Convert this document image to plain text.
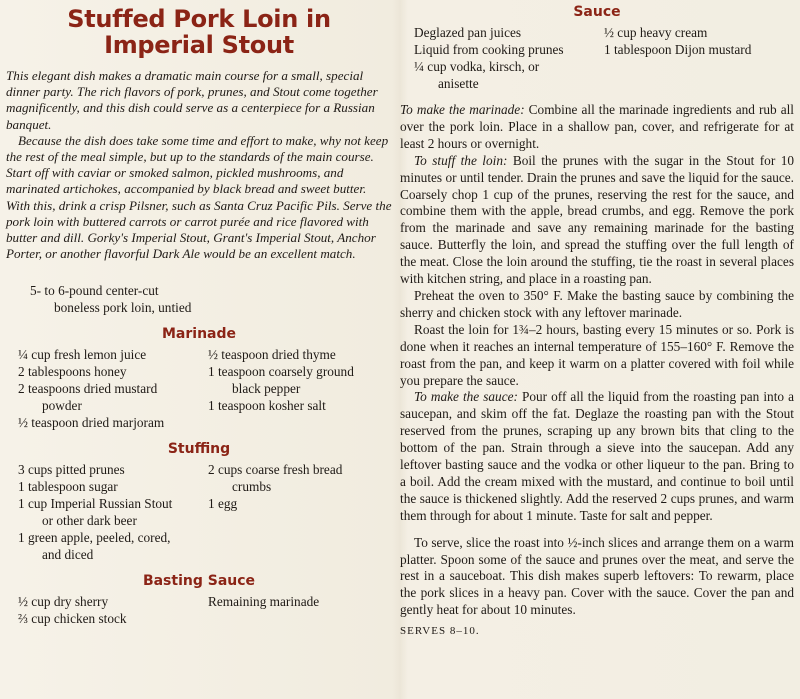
Stuffed Pork Loin in
Imperial Stout

This elegant dish makes a dramatic main course for a small, special dinner party. The rich flavors of pork, prunes, and Stout come together magnificently, and this dish could serve as a centerpiece for a Russian banquet.

Because the dish does take some time and effort to make, why not keep the rest of the meal simple, but up to the standards of the main course. Start off with caviar or smoked salmon, pickled mushrooms, and marinated artichokes, accompanied by black bread and sweet butter. With this, drink a crisp Pilsner, such as Santa Cruz Pacific Pils. Serve the pork loin with buttered carrots or carrot purée and rice flavored with butter and dill. Gorky's Imperial Stout, Grant's Imperial Stout, Anchor Porter, or another flavorful Dark Ale would be an excellent match.

5- to 6-pound center-cut
boneless pork loin, untied
Marinade
¼ cup fresh lemon juice
2 tablespoons honey
2 teaspoons dried mustard
powder
½ teaspoon dried marjoram
½ teaspoon dried thyme
1 teaspoon coarsely ground
black pepper
1 teaspoon kosher salt
Stuffing
3 cups pitted prunes
1 tablespoon sugar
1 cup Imperial Russian Stout
or other dark beer
1 green apple, peeled, cored,
and diced
2 cups coarse fresh bread
crumbs
1 egg
Basting Sauce
½ cup dry sherry
⅔ cup chicken stock
Remaining marinade
Sauce
Deglazed pan juices
Liquid from cooking prunes
¼ cup vodka, kirsch, or
anisette
½ cup heavy cream
1 tablespoon Dijon mustard

To make the marinade: Combine all the marinade ingredients and rub all over the pork loin. Place in a shallow pan, cover, and refrigerate for at least 2 hours or overnight.

To stuff the loin: Boil the prunes with the sugar in the Stout for 10 minutes or until tender. Drain the prunes and save the liquid for the sauce. Coarsely chop 1 cup of the prunes, reserving the rest for the sauce, and combine them with the apple, bread crumbs, and egg. Remove the pork from the marinade and save any remaining marinade for the basting sauce. Butterfly the loin, and spread the stuffing over the full length of the meat. Close the loin around the stuffing, tie the roast in several places with kitchen string, and place in a roasting pan.

Preheat the oven to 350° F. Make the basting sauce by combining the sherry and chicken stock with any leftover marinade.

Roast the loin for 1¾–2 hours, basting every 15 minutes or so. Pork is done when it reaches an internal temperature of 155–160° F. Remove the roast from the pan, and keep it warm on a platter covered with foil while you prepare the sauce.

To make the sauce: Pour off all the liquid from the roasting pan into a saucepan, and skim off the fat. Deglaze the roasting pan with the Stout reserved from the prunes, scraping up any brown bits that cling to the bottom of the pan. Strain through a sieve into the saucepan. Add any leftover basting sauce and the vodka or other liqueur to the pan. Bring to a boil. Add the cream mixed with the mustard, and continue to boil until the sauce is thickened slightly. Add the reserved 2 cups prunes, and warm them through for about 1 minute. Taste for salt and pepper.

To serve, slice the roast into ½-inch slices and arrange them on a warm platter. Spoon some of the sauce and prunes over the meat, and serve the rest in a sauceboat. This dish makes superb leftovers: To rewarm, place the pork slices in a heavy pan. Cover with the sauce. Cover the pan and gently heat for about 10 minutes.

SERVES 8–10.
